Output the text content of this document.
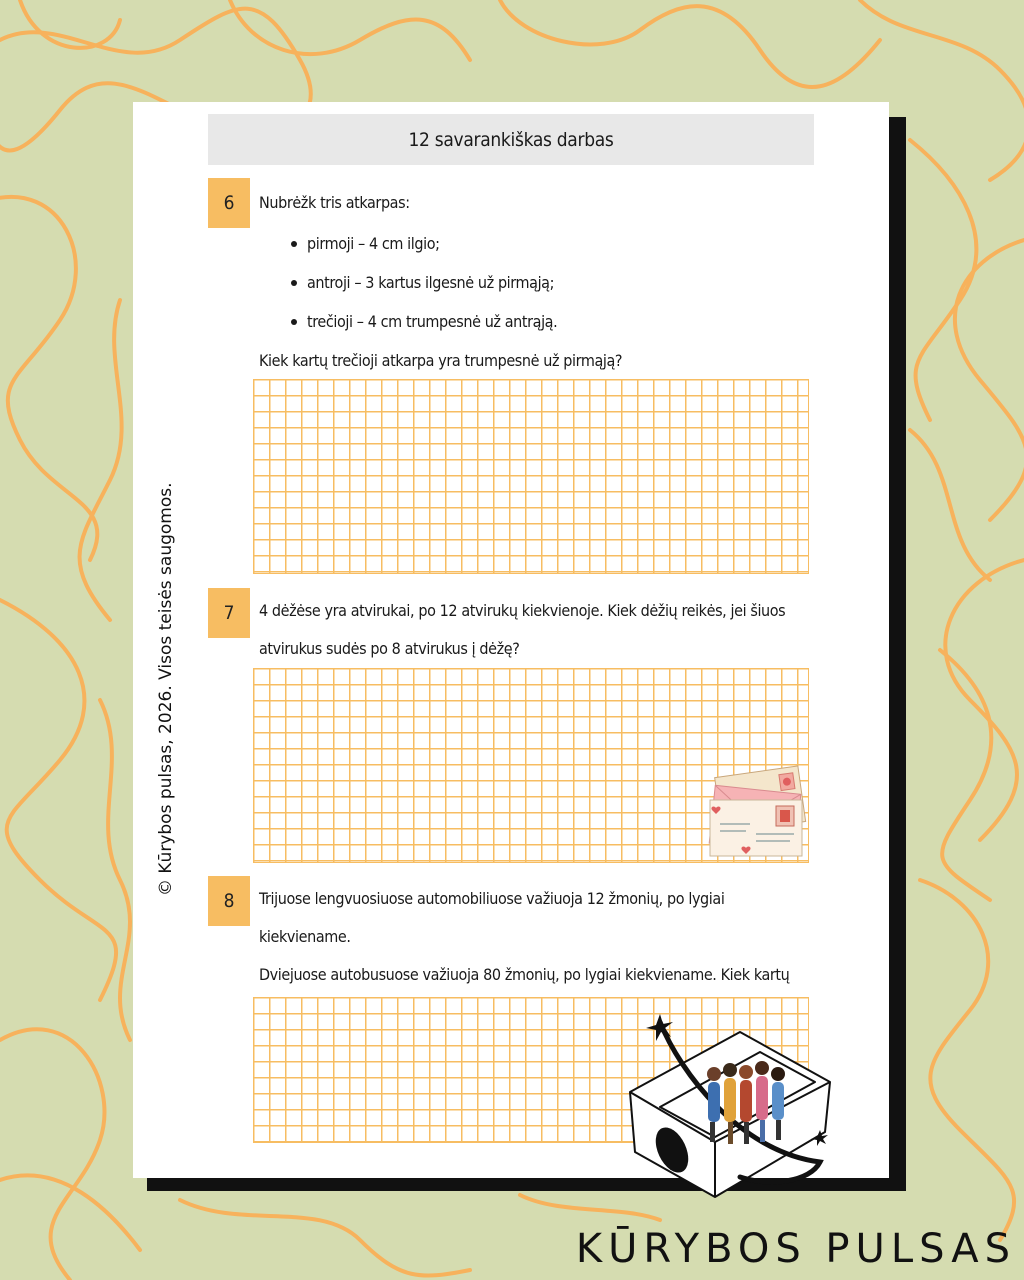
12 savarankiškas darbas
6 Nubrėžk tris atkarpas:
pirmoji – 4 cm ilgio;
antroji – 3 kartus ilgesnė už pirmąją;
trečioji – 4 cm trumpesnė už antrąją.
Kiek kartų trečioji atkarpa yra trumpesnė už pirmąją?
7 4 dėžėse yra atvirukai, po 12 atvirukų kiekvienoje. Kiek dėžių reikės, jei šiuos
atvirukus sudės po 8 atvirukus į dėžę?
8 Trijuose lengvuosiuose automobiliuose važiuoja 12 žmonių, po lygiai kiekviename.
Dviejuose autobusuose važiuoja 80 žmonių, po lygiai kiekviename. Kiek kartų
© Kūrybos pulsas, 2026. Visos teisės saugomos.
KŪRYBOS PULSAS
